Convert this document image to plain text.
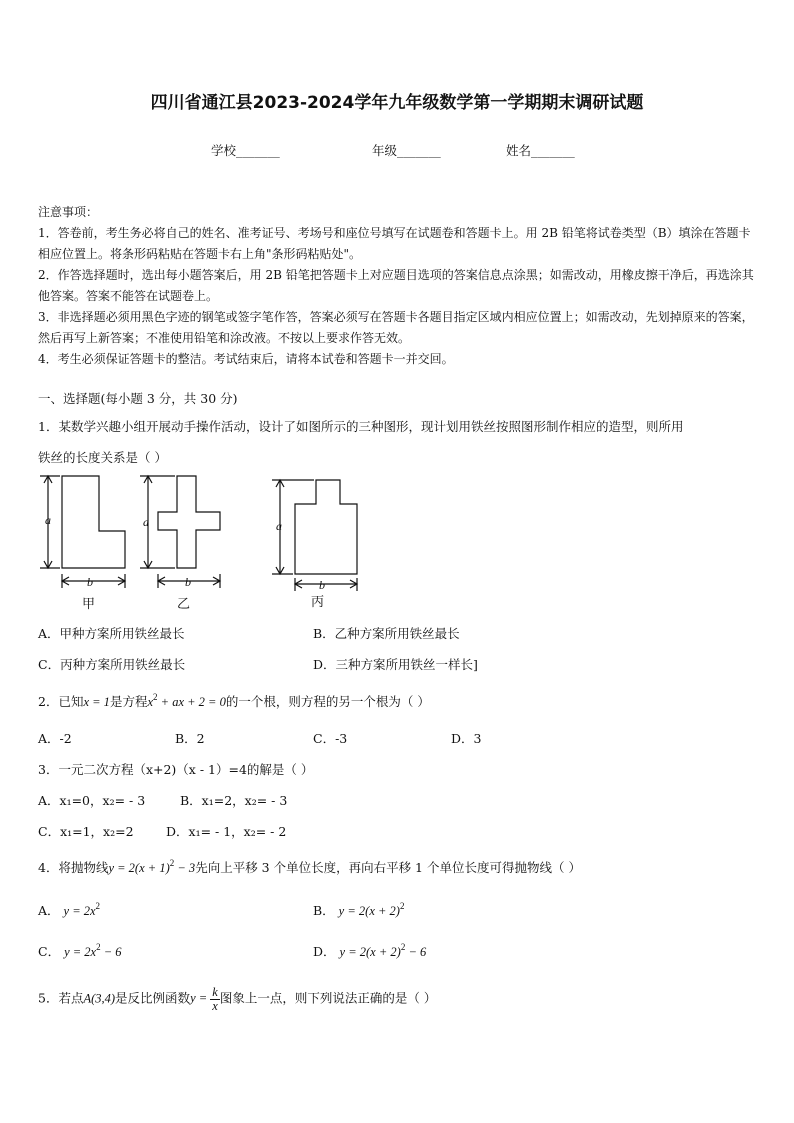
四川省通江县2023-2024学年九年级数学第一学期期末调研试题
学校_______	年级_______	姓名_______

注意事项：

1．答卷前，考生务必将自己的姓名、准考证号、考场号和座位号填写在试题卷和答题卡上。用 2B 铅笔将试卷类型（B）填涂在答题卡相应位置上。将条形码粘贴在答题卡右上角"条形码粘贴处"。

2．作答选择题时，选出每小题答案后，用 2B 铅笔把答题卡上对应题目选项的答案信息点涂黑；如需改动，用橡皮擦干净后，再选涂其他答案。答案不能答在试题卷上。

3．非选择题必须用黑色字迹的钢笔或签字笔作答，答案必须写在答题卡各题目指定区域内相应位置上；如需改动，先划掉原来的答案，然后再写上新答案；不准使用铅笔和涂改液。不按以上要求作答无效。

4．考生必须保证答题卡的整洁。考试结束后，请将本试卷和答题卡一并交回。

一、选择题(每小题 3 分，共 30 分)
1．某数学兴趣小组开展动手操作活动，设计了如图所示的三种图形，现计划用铁丝按照图形制作相应的造型，则所用
铁丝的长度关系是（ ）
a
b
a
b
a
b
甲	乙	丙
A．甲种方案所用铁丝最长	B．乙种方案所用铁丝最长
C．丙种方案所用铁丝最长	D．三种方案所用铁丝一样长]
2．已知x = 1是方程$x^2$ + ax + 2 = 0的一个根，则方程的另一个根为（ ）
A．-2	B．2	C．-3	D．3
3．一元二次方程（x+2)（x - 1）=4的解是（ ）
A．x₁=0，x₂= - 3	B．x₁=2，x₂= - 3
C．x₁=1，x₂=2	D．x₁= - 1，x₂= - 2
4．将抛物线$y = 2(x + 1)^2 - 3$先向上平移 3 个单位长度，再向右平移 1 个单位长度可得抛物线（ ）
A． $y = 2x^2$	B． $y = 2(x + 2)^2$
C． $y = 2x^2 - 6$	D． $y = 2(x + 2)^2 - 6$
5．若点A(3,4)是反比例函数$y = \frac{k}{x}$ 图象上一点，则下列说法正确的是（ ）
